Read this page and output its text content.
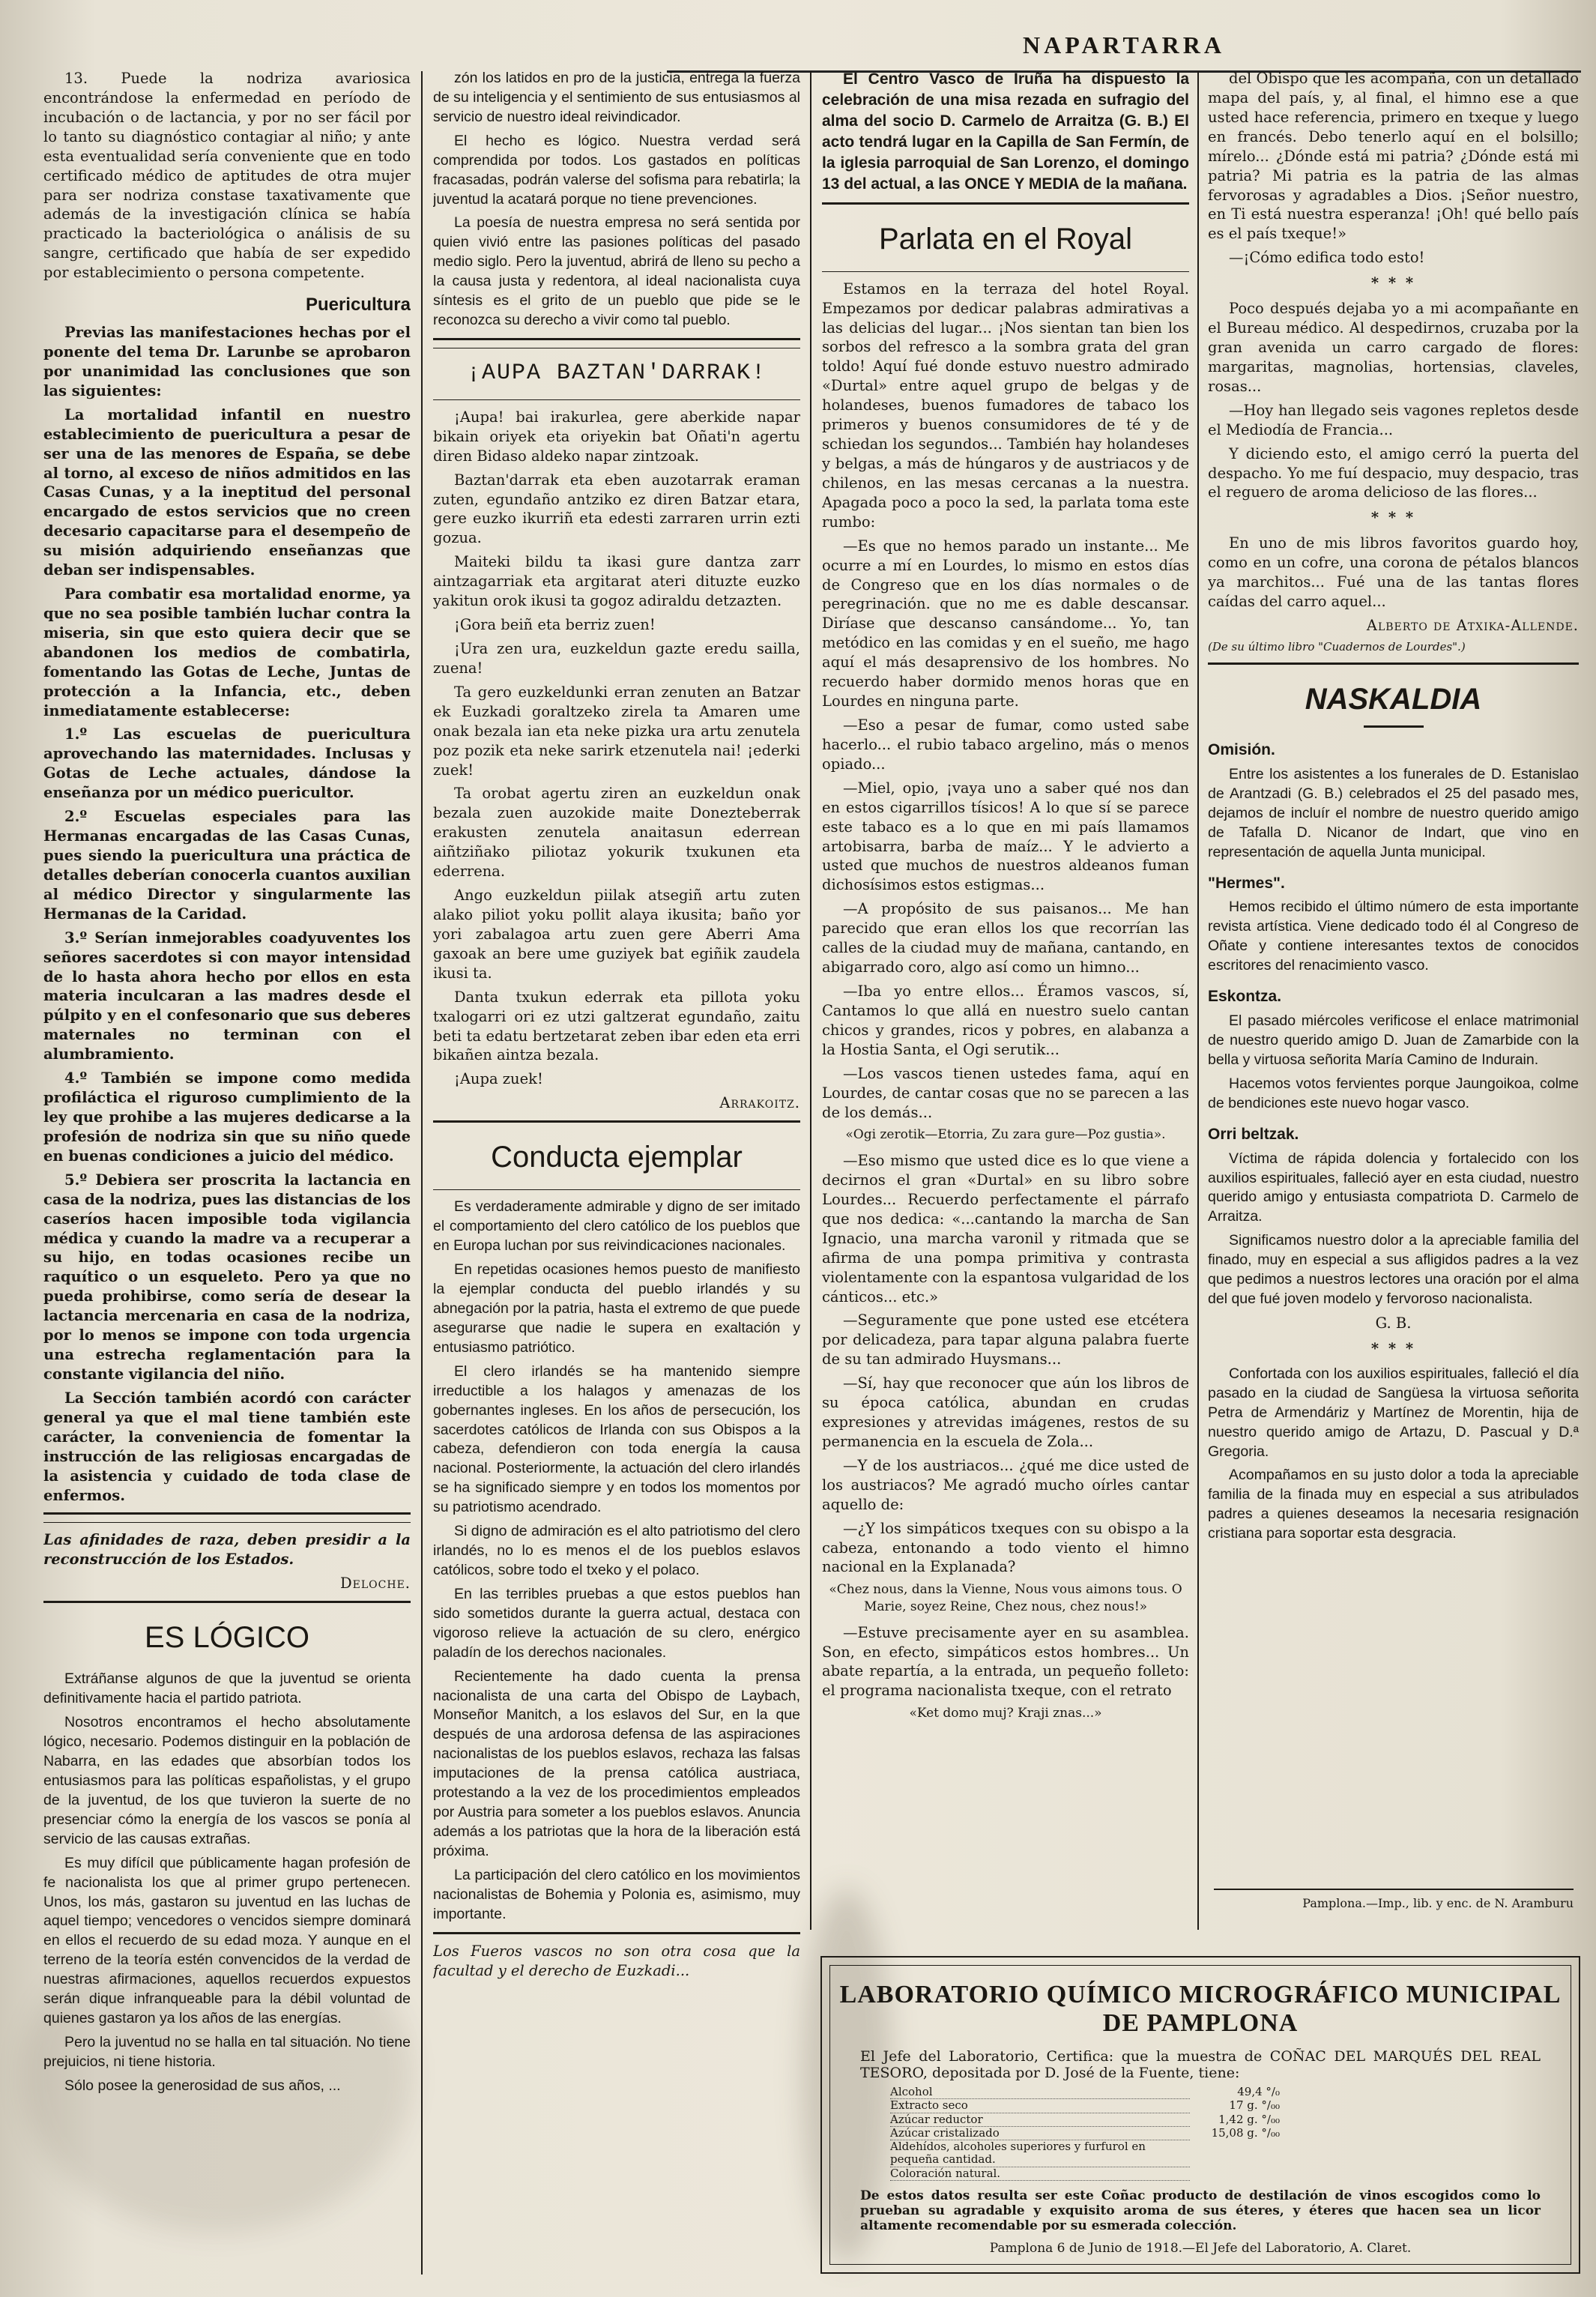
NAPARTARRA

13. Puede la nodriza avariosica encontrándose la enfermedad en período de incubación o de lactancia, y por no ser fácil por lo tanto su diagnóstico contagiar al niño; y ante esta eventualidad sería conveniente que en todo certificado médico de aptitudes de otra mujer para ser nodriza constase taxativamente que además de la investigación clínica se había practicado la bacteriológica o análisis de su sangre, certificado que había de ser expedido por establecimiento o persona competente.

Puericultura

Previas las manifestaciones hechas por el ponente del tema Dr. Larunbe se aprobaron por unanimidad las conclusiones que son las siguientes:

La mortalidad infantil en nuestro establecimiento de puericultura a pesar de ser una de las menores de España, se debe al torno, al exceso de niños admitidos en las Casas Cunas, y a la ineptitud del personal encargado de estos servicios que no creen decesario capacitarse para el desempeño de su misión adquiriendo enseñanzas que deban ser indispensables.

Para combatir esa mortalidad enorme, ya que no sea posible también luchar contra la miseria, sin que esto quiera decir que se abandonen los medios de combatirla, fomentando las Gotas de Leche, Juntas de protección a la Infancia, etc., deben inmediatamente establecerse:

1.º Las escuelas de puericultura aprovechando las maternidades. Inclusas y Gotas de Leche actuales, dándose la enseñanza por un médico puericultor.

2.º Escuelas especiales para las Hermanas encargadas de las Casas Cunas, pues siendo la puericultura una práctica de detalles deberían conocerla cuantos auxilian al médico Director y singularmente las Hermanas de la Caridad.

3.º Serían inmejorables coadyuventes los señores sacerdotes si con mayor intensidad de lo hasta ahora hecho por ellos en esta materia inculcaran a las madres desde el púlpito y en el confesonario que sus deberes maternales no terminan con el alumbramiento.

4.º También se impone como medida profiláctica el riguroso cumplimiento de la ley que prohibe a las mujeres dedicarse a la profesión de nodriza sin que su niño quede en buenas condiciones a juicio del médico.

5.º Debiera ser proscrita la lactancia en casa de la nodriza, pues las distancias de los caseríos hacen imposible toda vigilancia médica y cuando la madre va a recuperar a su hijo, en todas ocasiones recibe un raquítico o un esqueleto. Pero ya que no pueda prohibirse, como sería de desear la lactancia mercenaria en casa de la nodriza, por lo menos se impone con toda urgencia una estrecha reglamentación para la constante vigilancia del niño.

La Sección también acordó con carácter general ya que el mal tiene también este carácter, la conveniencia de fomentar la instrucción de las religiosas encargadas de la asistencia y cuidado de toda clase de enfermos.

Las afinidades de raza, deben presidir a la reconstrucción de los Estados.

Deloche.

ES LÓGICO

Extráñanse algunos de que la juventud se orienta definitivamente hacia el partido patriota.

Nosotros encontramos el hecho absolutamente lógico, necesario. Podemos distinguir en la población de Nabarra, en las edades que absorbían todos los entusiasmos para las políticas españolistas, y el grupo de la juventud, de los que tuvieron la suerte de no presenciar cómo la energía de los vascos se ponía al servicio de las causas extrañas.

Es muy difícil que públicamente hagan profesión de fe nacionalista los que al primer grupo pertenecen. Unos, los más, gastaron su juventud en las luchas de aquel tiempo; vencedores o vencidos siempre dominará en ellos el recuerdo de su edad moza. Y aunque en el terreno de la teoría estén convencidos de la verdad de nuestras afirmaciones, aquellos recuerdos expuestos serán dique infranqueable para la débil voluntad de quienes gastaron ya los años de las energías.

Pero la juventud no se halla en tal situación. No tiene prejuicios, ni tiene historia.

Sólo posee la generosidad de sus años, ...

zón los latidos en pro de la justicia, entrega la fuerza de su inteligencia y el sentimiento de sus entusiasmos al servicio de nuestro ideal reivindicador.

El hecho es lógico. Nuestra verdad será comprendida por todos. Los gastados en políticas fracasadas, podrán valerse del sofisma para rebatirla; la juventud la acatará porque no tiene prevenciones.

La poesía de nuestra empresa no será sentida por quien vivió entre las pasiones políticas del pasado medio siglo. Pero la juventud, abrirá de lleno su pecho a la causa justa y redentora, al ideal nacionalista cuya síntesis es el grito de un pueblo que pide se le reconozca su derecho a vivir como tal pueblo.

¡AUPA BAZTAN'DARRAK!

¡Aupa! bai irakurlea, gere aberkide napar bikain oriyek eta oriyekin bat Oñati'n agertu diren Bidaso aldeko napar zintzoak.

Baztan'darrak eta eben auzotarrak eraman zuten, egundaño antziko ez diren Batzar etara, gere euzko ikurriñ eta edesti zarraren urrin ezti gozua.

Maiteki bildu ta ikasi gure dantza zarr aintzagarriak eta argitarat ateri dituzte euzko yakitun orok ikusi ta gogoz adiraldu detzazten.

¡Gora beiñ eta berriz zuen!

¡Ura zen ura, euzkeldun gazte eredu sailla, zuena!

Ta gero euzkeldunki erran zenuten an Batzar ek Euzkadi goraltzeko zirela ta Amaren ume onak bezala ian eta neke pizka ura artu zenutela poz pozik eta neke sarirk etzenutela nai! ¡ederki zuek!

Ta orobat agertu ziren an euzkeldun onak bezala zuen auzokide maite Donezteberrak erakusten zenutela anaitasun ederrean aiñtziñako piliotaz yokurik txukunen eta ederrena.

Ango euzkeldun piilak atsegiñ artu zuten alako piliot yoku pollit alaya ikusita; baño yor yori zabalagoa artu zuen gere Aberri Ama gaxoak an bere ume guziyek bat egiñik zaudela ikusi ta.

Danta txukun ederrak eta pillota yoku txalogarri ori ez utzi galtzerat egundaño, zaitu beti ta edatu bertzetarat zeben ibar eden eta erri bikañen aintza bezala.

¡Aupa zuek!

Arrakoitz.

Conducta ejemplar

Es verdaderamente admirable y digno de ser imitado el comportamiento del clero católico de los pueblos que en Europa luchan por sus reivindicaciones nacionales.

En repetidas ocasiones hemos puesto de manifiesto la ejemplar conducta del pueblo irlandés y su abnegación por la patria, hasta el extremo de que puede asegurarse que nadie le supera en exaltación y entusiasmo patriótico.

El clero irlandés se ha mantenido siempre irreductible a los halagos y amenazas de los gobernantes ingleses. En los años de persecución, los sacerdotes católicos de Irlanda con sus Obispos a la cabeza, defendieron con toda energía la causa nacional. Posteriormente, la actuación del clero irlandés se ha significado siempre y en todos los momentos por su patriotismo acendrado.

Si digno de admiración es el alto patriotismo del clero irlandés, no lo es menos el de los pueblos eslavos católicos, sobre todo el txeko y el polaco.

En las terribles pruebas a que estos pueblos han sido sometidos durante la guerra actual, destaca con vigoroso relieve la actuación de su clero, enérgico paladín de los derechos nacionales.

Recientemente ha dado cuenta la prensa nacionalista de una carta del Obispo de Laybach, Monseñor Manitch, a los eslavos del Sur, en la que después de una ardorosa defensa de las aspiraciones nacionalistas de los pueblos eslavos, rechaza las falsas imputaciones de la prensa católica austriaca, protestando a la vez de los procedimientos empleados por Austria para someter a los pueblos eslavos. Anuncia además a los patriotas que la hora de la liberación está próxima.

La participación del clero católico en los movimientos nacionalistas de Bohemia y Polonia es, asimismo, muy importante.

Los Fueros vascos no son otra cosa que la facultad y el derecho de Euzkadi...

El Centro Vasco de Iruña ha dispuesto la celebración de una misa rezada en sufragio del alma del socio D. Carmelo de Arraitza (G. B.) El acto tendrá lugar en la Capilla de San Fermín, de la iglesia parroquial de San Lorenzo, el domingo 13 del actual, a las ONCE Y MEDIA de la mañana.

Parlata en el Royal

Estamos en la terraza del hotel Royal. Empezamos por dedicar palabras admirativas a las delicias del lugar... ¡Nos sientan tan bien los sorbos del refresco a la sombra grata del gran toldo! Aquí fué donde estuvo nuestro admirado «Durtal» entre aquel grupo de belgas y de holandeses, buenos fumadores de tabaco los primeros y buenos consumidores de té y de schiedan los segundos... También hay holandeses y belgas, a más de húngaros y de austriacos y de chilenos, en las mesas cercanas a la nuestra. Apagada poco a poco la sed, la parlata toma este rumbo:

—Es que no hemos parado un instante... Me ocurre a mí en Lourdes, lo mismo en estos días de Congreso que en los días normales o de peregrinación. que no me es dable descansar. Diríase que descanso cansándome... Yo, tan metódico en las comidas y en el sueño, me hago aquí el más desaprensivo de los hombres. No recuerdo haber dormido menos horas que en Lourdes en ninguna parte.

—Eso a pesar de fumar, como usted sabe hacerlo... el rubio tabaco argelino, más o menos opiado...

—Miel, opio, ¡vaya uno a saber qué nos dan en estos cigarrillos tísicos! A lo que sí se parece este tabaco es a lo que en mi país llamamos artobisarra, barba de maíz... Y le advierto a usted que muchos de nuestros aldeanos fuman dichosísimos estos estigmas...

—A propósito de sus paisanos... Me han parecido que eran ellos los que recorrían las calles de la ciudad muy de mañana, cantando, en abigarrado coro, algo así como un himno...

—Iba yo entre ellos... Éramos vascos, sí, Cantamos lo que allá en nuestro suelo cantan chicos y grandes, ricos y pobres, en alabanza a la Hostia Santa, el Ogi serutik...

—Los vascos tienen ustedes fama, aquí en Lourdes, de cantar cosas que no se parecen a las de los demás...

«Ogi zerotik—Etorria, Zu zara gure—Poz gustia».

—Eso mismo que usted dice es lo que viene a decirnos el gran «Durtal» en su libro sobre Lourdes... Recuerdo perfectamente el párrafo que nos dedica: «...cantando la marcha de San Ignacio, una marcha varonil y ritmada que se afirma de una pompa primitiva y contrasta violentamente con la espantosa vulgaridad de los cánticos... etc.»

—Seguramente que pone usted ese etcétera por delicadeza, para tapar alguna palabra fuerte de su tan admirado Huysmans...

—Sí, hay que reconocer que aún los libros de su época católica, abundan en crudas expresiones y atrevidas imágenes, restos de su permanencia en la escuela de Zola...

—Y de los austriacos... ¿qué me dice usted de los austriacos? Me agradó mucho oírles cantar aquello de:

—¿Y los simpáticos txeques con su obispo a la cabeza, entonando a todo viento el himno nacional en la Explanada?

«Chez nous, dans la Vienne, Nous vous aimons tous. O Marie, soyez Reine, Chez nous, chez nous!»

—Estuve precisamente ayer en su asamblea. Son, en efecto, simpáticos estos hombres... Un abate repartía, a la entrada, un pequeño folleto: el programa nacionalista txeque, con el retrato

«Ket domo muj? Kraji znas...»

del Obispo que les acompaña, con un detallado mapa del país, y, al final, el himno ese a que usted hace referencia, primero en txeque y luego en francés. Debo tenerlo aquí en el bolsillo; mírelo... ¿Dónde está mi patria? ¿Dónde está mi patria? Mi patria es la patria de las almas fervorosas y agradables a Dios. ¡Señor nuestro, en Ti está nuestra esperanza! ¡Oh! qué bello país es el país txeque!»

—¡Cómo edifica todo esto!

* * *

Poco después dejaba yo a mi acompañante en el Bureau médico. Al despedirnos, cruzaba por la gran avenida un carro cargado de flores: margaritas, magnolias, hortensias, claveles, rosas...

—Hoy han llegado seis vagones repletos desde el Mediodía de Francia...

Y diciendo esto, el amigo cerró la puerta del despacho. Yo me fuí despacio, muy despacio, tras el reguero de aroma delicioso de las flores...

* * *

En uno de mis libros favoritos guardo hoy, como en un cofre, una corona de pétalos blancos ya marchitos... Fué una de las tantas flores caídas del carro aquel...

Alberto de Atxika-Allende.

(De su último libro "Cuadernos de Lourdes".)

NASKALDIA
Omisión.

Entre los asistentes a los funerales de D. Estanislao de Arantzadi (G. B.) celebrados el 25 del pasado mes, dejamos de incluír el nombre de nuestro querido amigo de Tafalla D. Nicanor de Indart, que vino en representación de aquella Junta municipal.

"Hermes".

Hemos recibido el último número de esta importante revista artística. Viene dedicado todo él al Congreso de Oñate y contiene interesantes textos de conocidos escritores del renacimiento vasco.

Eskontza.

El pasado miércoles verificose el enlace matrimonial de nuestro querido amigo D. Juan de Zamarbide con la bella y virtuosa señorita María Camino de Indurain.

Hacemos votos fervientes porque Jaungoikoa, colme de bendiciones este nuevo hogar vasco.

Orri beltzak.

Víctima de rápida dolencia y fortalecido con los auxilios espirituales, falleció ayer en esta ciudad, nuestro querido amigo y entusiasta compatriota D. Carmelo de Arraitza.

Significamos nuestro dolor a la apreciable familia del finado, muy en especial a sus afligidos padres a la vez que pedimos a nuestros lectores una oración por el alma del que fué joven modelo y fervoroso nacionalista.

G. B.

* * *

Confortada con los auxilios espirituales, falleció el día pasado en la ciudad de Sangüesa la virtuosa señorita Petra de Armendáriz y Martínez de Morentin, hija de nuestro querido amigo de Artazu, D. Pascual y D.ª Gregoria.

Acompañamos en su justo dolor a toda la apreciable familia de la finada muy en especial a sus atribulados padres a quienes deseamos la necesaria resignación cristiana para soportar esta desgracia.

Pamplona.—Imp., lib. y enc. de N. Aramburu
LABORATORIO QUÍMICO MICROGRÁFICO MUNICIPAL DE PAMPLONA
El Jefe del Laboratorio, Certifica: que la muestra de COÑAC DEL MARQUÉS DEL REAL TESORO, depositada por D. José de la Fuente, tiene:
Alcohol	49,4 °/₀
Extracto seco	17 g. °/₀₀
Azúcar reductor	1,42 g. °/₀₀
Azúcar cristalizado	15,08 g. °/₀₀
Aldehídos, alcoholes superiores y furfurol en pequeña cantidad.
Coloración natural.
De estos datos resulta ser este Coñac producto de destilación de vinos escogidos como lo prueban su agradable y exquisito aroma de sus éteres, y éteres que hacen sea un licor altamente recomendable por su esmerada colección.
Pamplona 6 de Junio de 1918.—El Jefe del Laboratorio, A. Claret.
